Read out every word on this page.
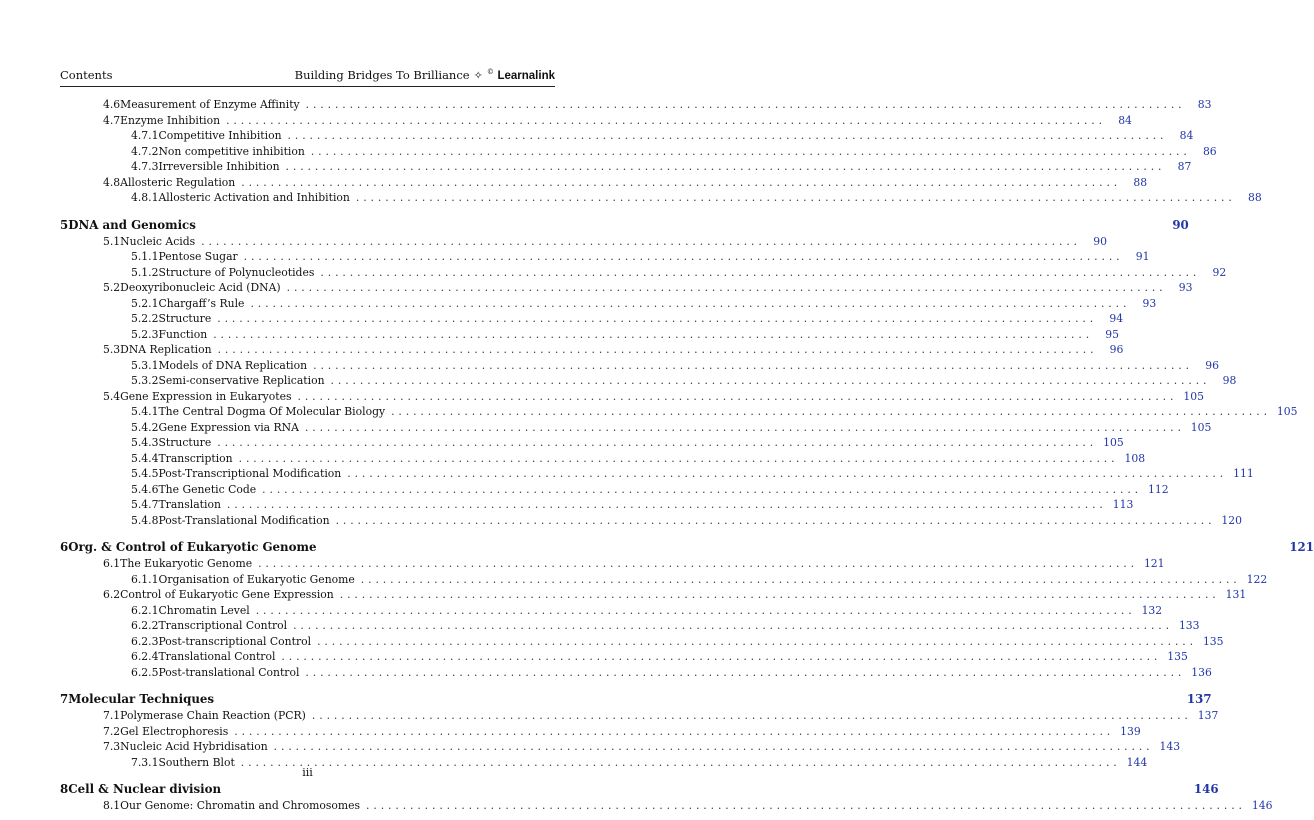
Contents	Building Bridges To Brilliance ✧ © Learnalink
4.6 Measurement of Enzyme Affinity ........................................................................................................................	83
4.7 Enzyme Inhibition ........................................................................................................................	84
4.7.1 Competitive Inhibition ........................................................................................................................	84
4.7.2 Non competitive inhibition ........................................................................................................................	86
4.7.3 Irreversible Inhibition ........................................................................................................................	87
4.8 Allosteric Regulation ........................................................................................................................	88
4.8.1 Allosteric Activation and Inhibition ........................................................................................................................	88
5 DNA and Genomics	90
5.1 Nucleic Acids ........................................................................................................................	90
5.1.1 Pentose Sugar ........................................................................................................................	91
5.1.2 Structure of Polynucleotides ........................................................................................................................	92
5.2 Deoxyribonucleic Acid (DNA) ........................................................................................................................	93
5.2.1 Chargaff’s Rule ........................................................................................................................	93
5.2.2 Structure ........................................................................................................................	94
5.2.3 Function ........................................................................................................................	95
5.3 DNA Replication ........................................................................................................................	96
5.3.1 Models of DNA Replication ........................................................................................................................	96
5.3.2 Semi-conservative Replication ........................................................................................................................	98
5.4 Gene Expression in Eukaryotes ........................................................................................................................ 105
5.4.1 The Central Dogma Of Molecular Biology ........................................................................................................................ 105
5.4.2 Gene Expression via RNA ........................................................................................................................ 105
5.4.3 Structure ........................................................................................................................ 105
5.4.4 Transcription ........................................................................................................................ 108
5.4.5 Post-Transcriptional Modification ........................................................................................................................ 111
5.4.6 The Genetic Code ........................................................................................................................ 112
5.4.7 Translation ........................................................................................................................ 113
5.4.8 Post-Translational Modification ........................................................................................................................ 120
6 Org. & Control of Eukaryotic Genome	121
6.1 The Eukaryotic Genome ........................................................................................................................ 121
6.1.1 Organisation of Eukaryotic Genome ........................................................................................................................ 122
6.2 Control of Eukaryotic Gene Expression ........................................................................................................................ 131
6.2.1 Chromatin Level ........................................................................................................................ 132
6.2.2 Transcriptional Control ........................................................................................................................ 133
6.2.3 Post-transcriptional Control ........................................................................................................................ 135
6.2.4 Translational Control ........................................................................................................................ 135
6.2.5 Post-translational Control ........................................................................................................................ 136
7 Molecular Techniques	137
7.1 Polymerase Chain Reaction (PCR) ........................................................................................................................ 137
7.2 Gel Electrophoresis ........................................................................................................................ 139
7.3 Nucleic Acid Hybridisation ........................................................................................................................ 143
7.3.1 Southern Blot ........................................................................................................................ 144
8 Cell & Nuclear division	146
8.1 Our Genome: Chromatin and Chromosomes ........................................................................................................................ 146
iii
